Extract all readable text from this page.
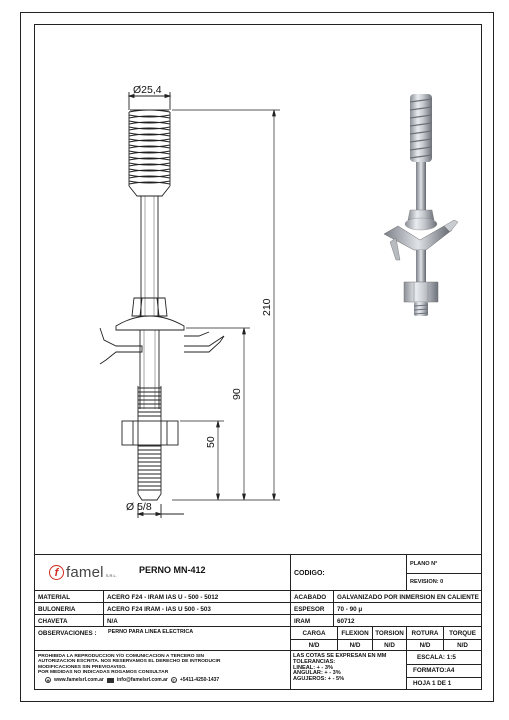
Ø25,4
Ø 5/8
210
90
50
f famel S.R.L.
PERNO MN-412	CODIGO:
PLANO N°
REVISION: 0
MATERIAL	ACERO F24 - IRAM IAS U - 500 - 5012	ACABADO	GALVANIZADO POR INMERSION EN CALIENTE
BULONERIA	ACERO F24 IRAM - IAS U 500 - 503	ESPESOR	70 - 90 μ
CHAVETA	N/A	IRAM	60712
OBSERVACIONES :	PERNO PARA LINEA ELECTRICA	CARGA	FLEXION	TORSION	ROTURA	TORQUE
N/D	N/D	N/D	N/D	N/D
PROHIBIDA LA REPRODUCCION Y/O COMUNICACION A TERCERO SIN
AUTORIZACION ESCRITA. NOS RESERVAMOS EL DERECHO DE INTRODUCIR
MODIFICACIONES SIN PREVIOAVISO.
POR MEDIDAS NO INDICADAS ROGAMOS CONSULTAR
⊕ www.famelsrl.com.ar	info@famelsrl.com.ar	✆ +5411-4250-1437
LAS COTAS SE EXPRESAN EN MM
TOLERANCIAS:
LINEAL: + - 3%
ANGULAR: + - 3%
AGUJEROS: + - 5%
ESCALA: 1:5
FORMATO:A4
HOJA 1 DE 1
